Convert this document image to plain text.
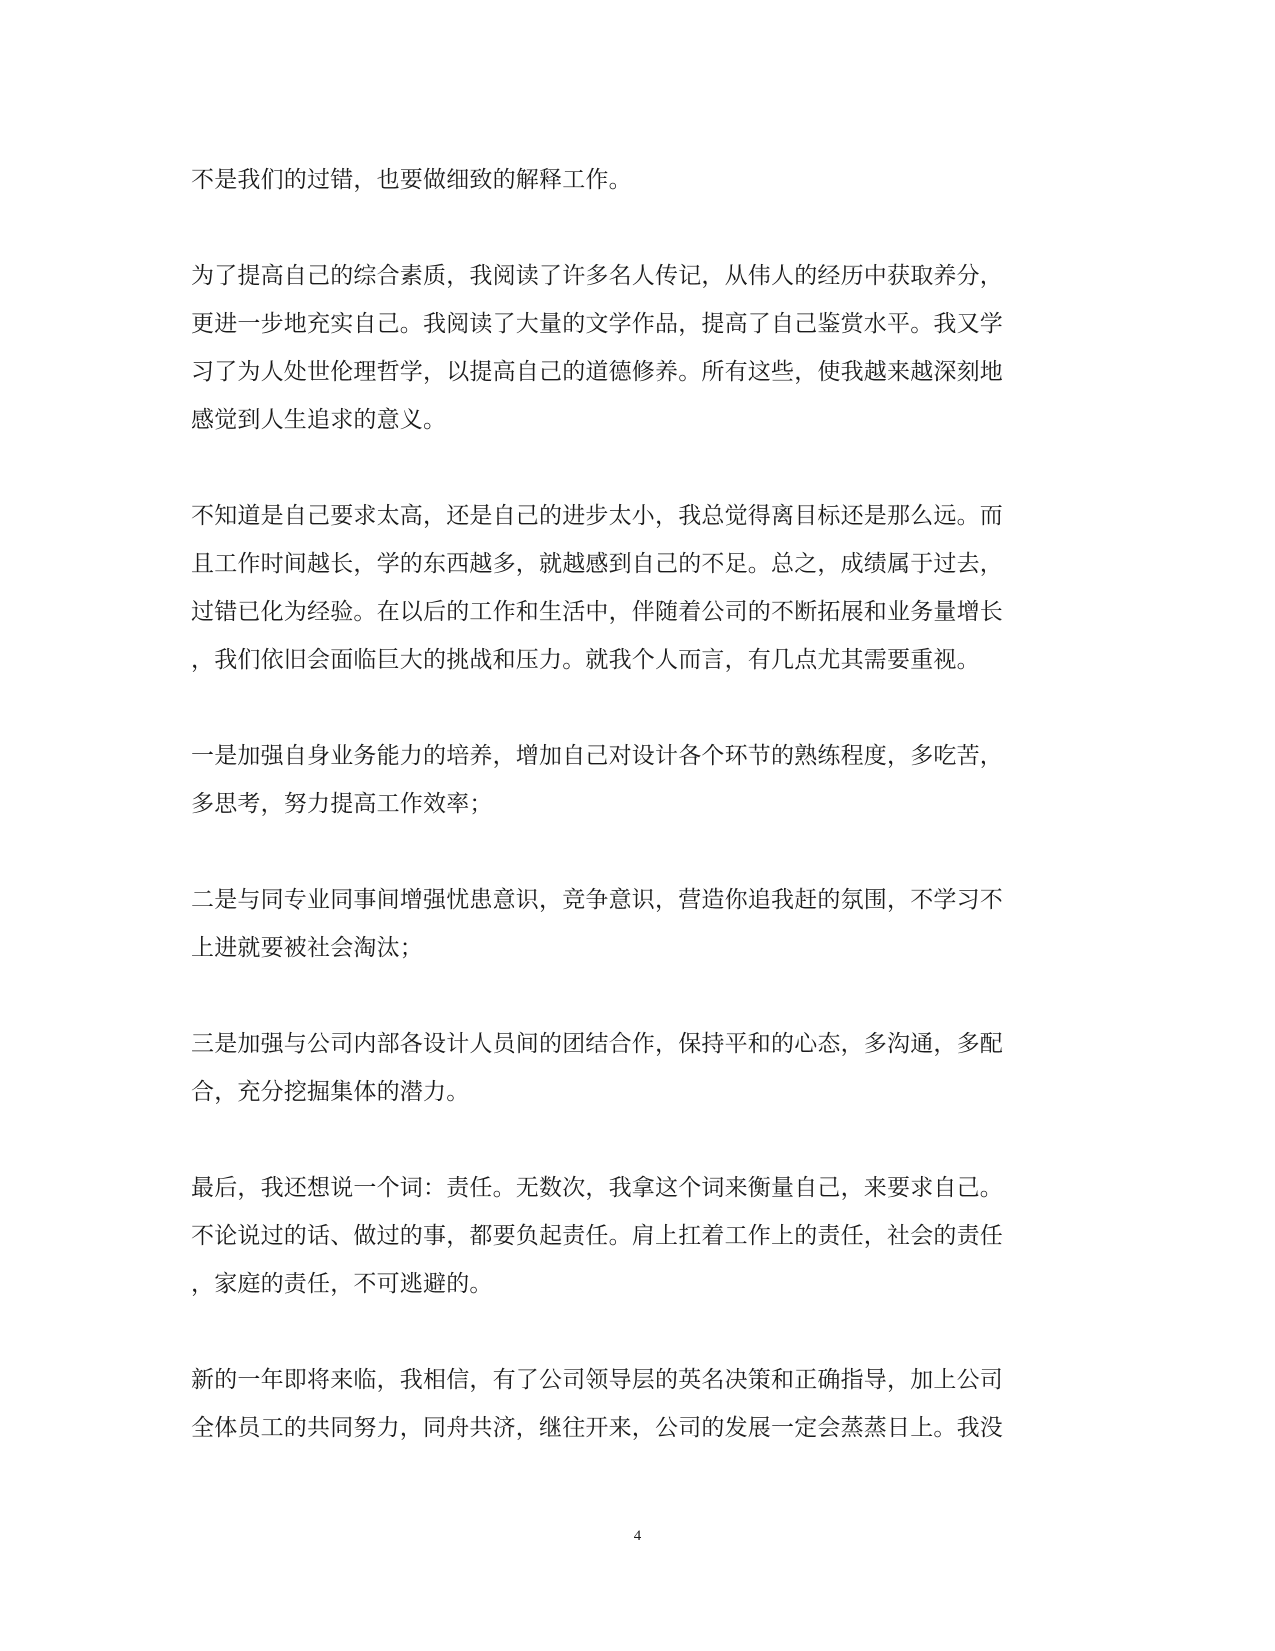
不是我们的过错，也要做细致的解释工作。
为了提高自己的综合素质，我阅读了许多名人传记，从伟人的经历中获取养分，
更进一步地充实自己。我阅读了大量的文学作品，提高了自己鉴赏水平。我又学
习了为人处世伦理哲学，以提高自己的道德修养。所有这些，使我越来越深刻地
感觉到人生追求的意义。
不知道是自己要求太高，还是自己的进步太小，我总觉得离目标还是那么远。而
且工作时间越长，学的东西越多，就越感到自己的不足。总之，成绩属于过去，
过错已化为经验。在以后的工作和生活中，伴随着公司的不断拓展和业务量增长
，我们依旧会面临巨大的挑战和压力。就我个人而言，有几点尤其需要重视。
一是加强自身业务能力的培养，增加自己对设计各个环节的熟练程度，多吃苦，
多思考，努力提高工作效率；
二是与同专业同事间增强忧患意识，竞争意识，营造你追我赶的氛围，不学习不
上进就要被社会淘汰；
三是加强与公司内部各设计人员间的团结合作，保持平和的心态，多沟通，多配
合，充分挖掘集体的潜力。
最后，我还想说一个词：责任。无数次，我拿这个词来衡量自己，来要求自己。
不论说过的话、做过的事，都要负起责任。肩上扛着工作上的责任，社会的责任
，家庭的责任，不可逃避的。
新的一年即将来临，我相信，有了公司领导层的英名决策和正确指导，加上公司
全体员工的共同努力，同舟共济，继往开来，公司的发展一定会蒸蒸日上。我没
4
